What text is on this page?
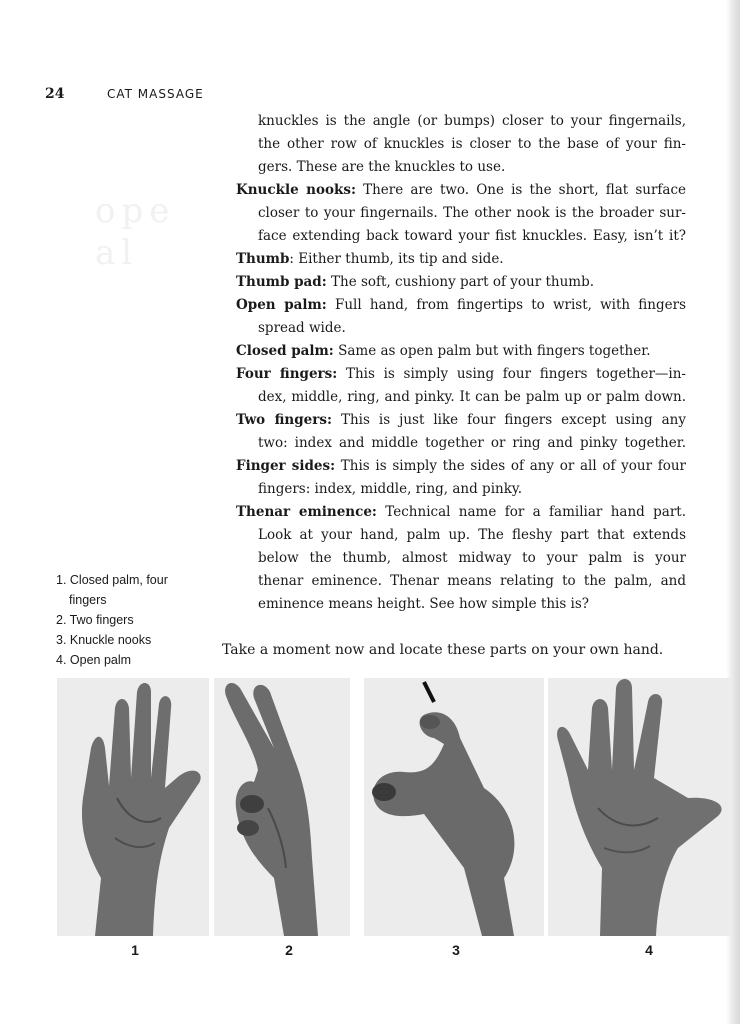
ope
al
24	CAT MASSAGE
knuckles is the angle (or bumps) closer to your fingernails,
the other row of knuckles is closer to the base of your fin-
gers. These are the knuckles to use.
Knuckle nooks: There are two. One is the short, flat surface
closer to your fingernails. The other nook is the broader sur-
face extending back toward your fist knuckles. Easy, isn’t it?
Thumb: Either thumb, its tip and side.
Thumb pad: The soft, cushiony part of your thumb.
Open palm: Full hand, from fingertips to wrist, with fingers
spread wide.
Closed palm: Same as open palm but with fingers together.
Four fingers: This is simply using four fingers together—in-
dex, middle, ring, and pinky. It can be palm up or palm down.
Two fingers: This is just like four fingers except using any
two: index and middle together or ring and pinky together.
Finger sides: This is simply the sides of any or all of your four
fingers: index, middle, ring, and pinky.
Thenar eminence: Technical name for a familiar hand part.
Look at your hand, palm up. The fleshy part that extends
below the thumb, almost midway to your palm is your
thenar eminence. Thenar means relating to the palm, and
eminence means height. See how simple this is?
1. Closed palm, four
fingers
2. Two fingers
3. Knuckle nooks
4. Open palm
Take a moment now and locate these parts on your own hand.
1	2	3	4
